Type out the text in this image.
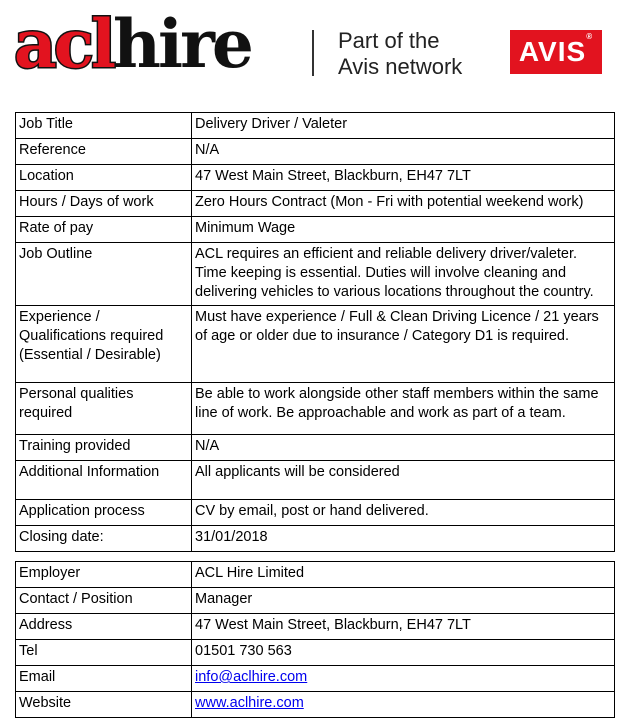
acl hire	Part of the
Avis network	AVIS®
Job Title	Delivery Driver / Valeter
Reference	N/A
Location	47 West Main Street, Blackburn, EH47 7LT
Hours / Days of work	Zero Hours Contract (Mon - Fri with potential weekend work)
Rate of pay	Minimum Wage
Job Outline	ACL requires an efficient and reliable delivery driver/valeter. Time keeping is essential. Duties will involve cleaning and delivering vehicles to various locations throughout the country.
Experience / Qualifications required (Essential / Desirable)	Must have experience / Full & Clean Driving Licence / 21 years of age or older due to insurance / Category D1 is required.
Personal qualities required	Be able to work alongside other staff members within the same line of work. Be approachable and work as part of a team.
Training provided	N/A
Additional Information	All applicants will be considered
Application process	CV by email, post or hand delivered.
Closing date:	31/01/2018
Employer	ACL Hire Limited
Contact / Position	Manager
Address	47 West Main Street, Blackburn, EH47 7LT
Tel	01501 730 563
Email	info@aclhire.com
Website	www.aclhire.com
